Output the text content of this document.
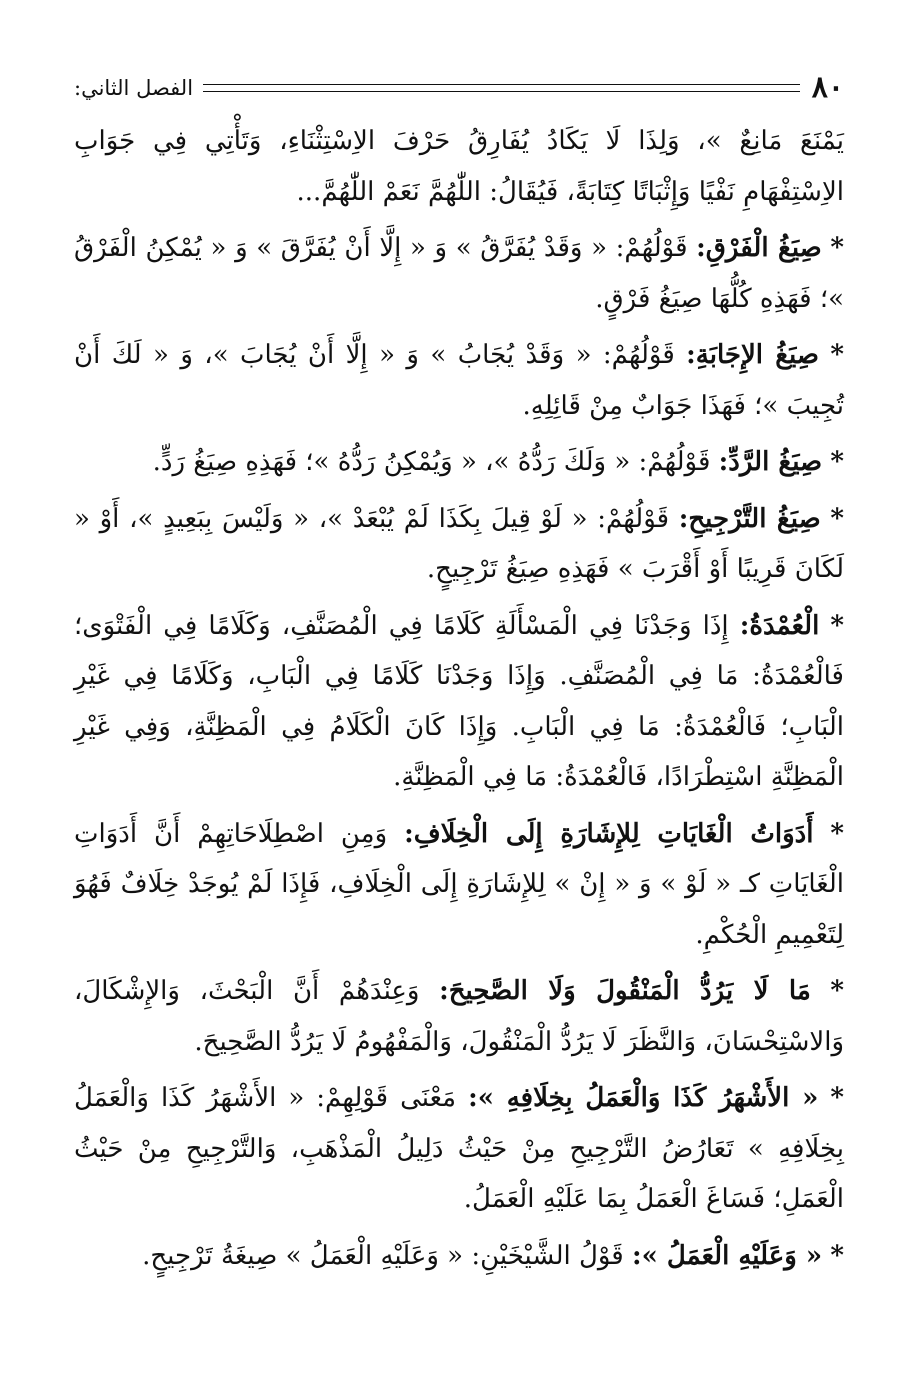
٨٠
الفصل الثاني:

يَمْنَعَ مَانِعٌ »، وَلِذَا لَا يَكَادُ يُفَارِقُ حَرْفَ الاِسْتِثْنَاءِ، وَتَأْتِي فِي جَوَابِ الاِسْتِفْهَامِ نَفْيًا وَإِثْبَاتًا كِتَابَةً، فَيُقَالُ: اللّٰهُمَّ نَعَمْ اللّٰهُمَّ...

* صِيَغُ الْفَرْقِ: قَوْلُهُمْ: « وَقَدْ يُفَرَّقُ » وَ « إِلَّا أَنْ يُفَرَّقَ » وَ « يُمْكِنُ الْفَرْقُ »؛ فَهَذِهِ كُلُّهَا صِيَغُ فَرْقٍ.

* صِيَغُ الإِجَابَةِ: قَوْلُهُمْ: « وَقَدْ يُجَابُ » وَ « إِلَّا أَنْ يُجَابَ »، وَ « لَكَ أَنْ تُجِيبَ »؛ فَهَذَا جَوَابٌ مِنْ قَائِلِهِ.

* صِيَغُ الرَّدِّ: قَوْلُهُمْ: « وَلَكَ رَدُّهُ »، « وَيُمْكِنُ رَدُّهُ »؛ فَهَذِهِ صِيَغُ رَدٍّ.

* صِيَغُ التَّرْجِيحِ: قَوْلُهُمْ: « لَوْ قِيلَ بِكَذَا لَمْ يُبْعَدْ »، « وَلَيْسَ بِبَعِيدٍ »، أَوْ « لَكَانَ قَرِيبًا أَوْ أَقْرَبَ » فَهَذِهِ صِيَغُ تَرْجِيحٍ.

* الْعُمْدَةُ: إِذَا وَجَدْنَا فِي الْمَسْأَلَةِ كَلَامًا فِي الْمُصَنَّفِ، وَكَلَامًا فِي الْفَتْوَى؛ فَالْعُمْدَةُ: مَا فِي الْمُصَنَّفِ. وَإِذَا وَجَدْنَا كَلَامًا فِي الْبَابِ، وَكَلَامًا فِي غَيْرِ الْبَابِ؛ فَالْعُمْدَةُ: مَا فِي الْبَابِ. وَإِذَا كَانَ الْكَلَامُ فِي الْمَظِنَّةِ، وَفِي غَيْرِ الْمَظِنَّةِ اسْتِطْرَادًا، فَالْعُمْدَةُ: مَا فِي الْمَظِنَّةِ.

* أَدَوَاتُ الْغَايَاتِ لِلإِشَارَةِ إِلَى الْخِلَافِ: وَمِنِ اصْطِلَاحَاتِهِمْ أَنَّ أَدَوَاتِ الْغَايَاتِ كـ « لَوْ » وَ « إِنْ » لِلإِشَارَةِ إِلَى الْخِلَافِ، فَإِذَا لَمْ يُوجَدْ خِلَافٌ فَهُوَ لِتَعْمِيمِ الْحُكْمِ.

* مَا لَا يَرُدُّ الْمَنْقُولَ وَلَا الصَّحِيحَ: وَعِنْدَهُمْ أَنَّ الْبَحْثَ، وَالإِشْكَالَ، وَالاسْتِحْسَانَ، وَالنَّظَرَ لَا يَرُدُّ الْمَنْقُولَ، وَالْمَفْهُومُ لَا يَرُدُّ الصَّحِيحَ.

* « الأَشْهَرُ كَذَا وَالْعَمَلُ بِخِلَافِهِ »: مَعْنَى قَوْلِهِمْ: « الأَشْهَرُ كَذَا وَالْعَمَلُ بِخِلَافِهِ » تَعَارُضُ التَّرْجِيحِ مِنْ حَيْثُ دَلِيلُ الْمَذْهَبِ، وَالتَّرْجِيحِ مِنْ حَيْثُ الْعَمَلِ؛ فَسَاغَ الْعَمَلُ بِمَا عَلَيْهِ الْعَمَلُ.

* « وَعَلَيْهِ الْعَمَلُ »: قَوْلُ الشَّيْخَيْنِ: « وَعَلَيْهِ الْعَمَلُ » صِيغَةُ تَرْجِيحٍ.
